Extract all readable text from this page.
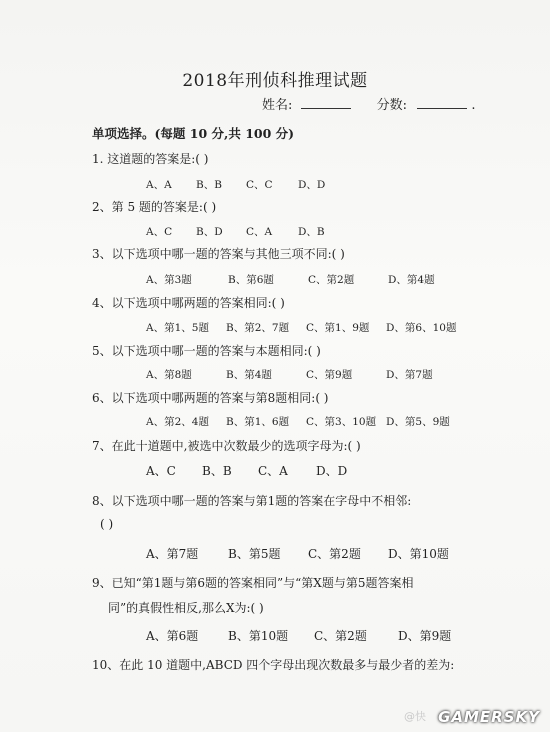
2018年刑侦科推理试题
姓名:	分数:	.
单项选择。(每题 10 分,共 100 分)
1. 这道题的答案是:( )
A、A B、B C、C D、D
2、第 5 题的答案是:( )
A、C B、D C、A D、B
3、以下选项中哪一题的答案与其他三项不同:( )
A、第3题	B、第6题	C、第2题	D、第4题
4、以下选项中哪两题的答案相同:( )
A、第1、5题 B、第2、7题 C、第1、9题 D、第6、10题
5、以下选项中哪一题的答案与本题相同:( )
A、第8题	B、第4题	C、第9题	D、第7题
6、以下选项中哪两题的答案与第8题相同:( )
A、第2、4题 B、第1、6题 C、第3、10题 D、第5、9题
7、在此十道题中,被选中次数最少的选项字母为:( )
A、C B、B C、A D、D
8、以下选项中哪一题的答案与第1题的答案在字母中不相邻:
( )
A、第7题 B、第5题 C、第2题 D、第10题
9、已知“第1题与第6题的答案相同”与“第X题与第5题答案相
同”的真假性相反,那么X为:( )
A、第6题 B、第10题 C、第2题	D、第9题
10、在此 10 道题中,ABCD 四个字母出现次数最多与最少者的差为:
@快 GAMERSKY
